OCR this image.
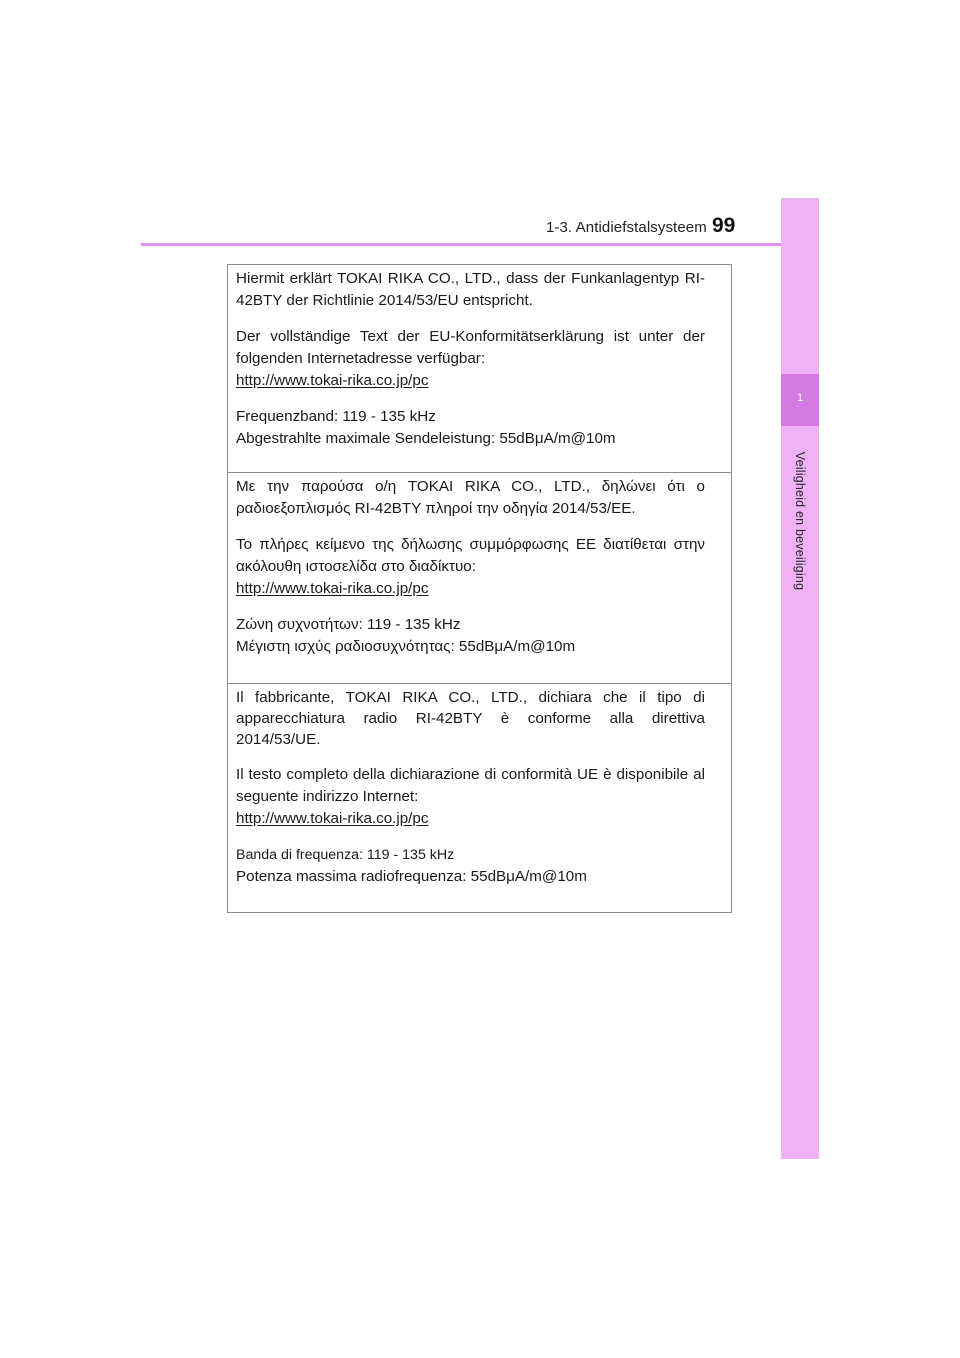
1-3. Antidiefstalsysteem 99
1
Veiligheid en beveiliging

Hiermit erklärt TOKAI RIKA CO., LTD., dass der Funkanlagentyp RI-42BTY der Richtlinie 2014/53/EU entspricht.

Der vollständige Text der EU-Konformitätserklärung ist unter der folgenden Internetadresse verfügbar:
http://www.tokai-rika.co.jp/pc
Frequenzband: 119 - 135 kHz
Abgestrahlte maximale Sendeleistung: 55dBμA/m@10m

Με την παρούσα ο/η TOKAI RIKA CO., LTD., δηλώνει ότι ο ραδιοεξοπλισμός RI-42BTY πληροί την οδηγία 2014/53/ΕΕ.

Το πλήρες κείμενο της δήλωσης συμμόρφωσης ΕΕ διατίθεται στην ακόλουθη ιστοσελίδα στο διαδίκτυο:
http://www.tokai-rika.co.jp/pc
Ζώνη συχνοτήτων: 119 - 135 kHz
Μέγιστη ισχύς ραδιοσυχνότητας: 55dBμA/m@10m

Il fabbricante, TOKAI RIKA CO., LTD., dichiara che il tipo di apparecchiatura radio RI-42BTY è conforme alla direttiva 2014/53/UE.

Il testo completo della dichiarazione di conformità UE è disponibile al seguente indirizzo Internet:
http://www.tokai-rika.co.jp/pc
Banda di frequenza: 119 - 135 kHz
Potenza massima radiofrequenza: 55dBμA/m@10m
